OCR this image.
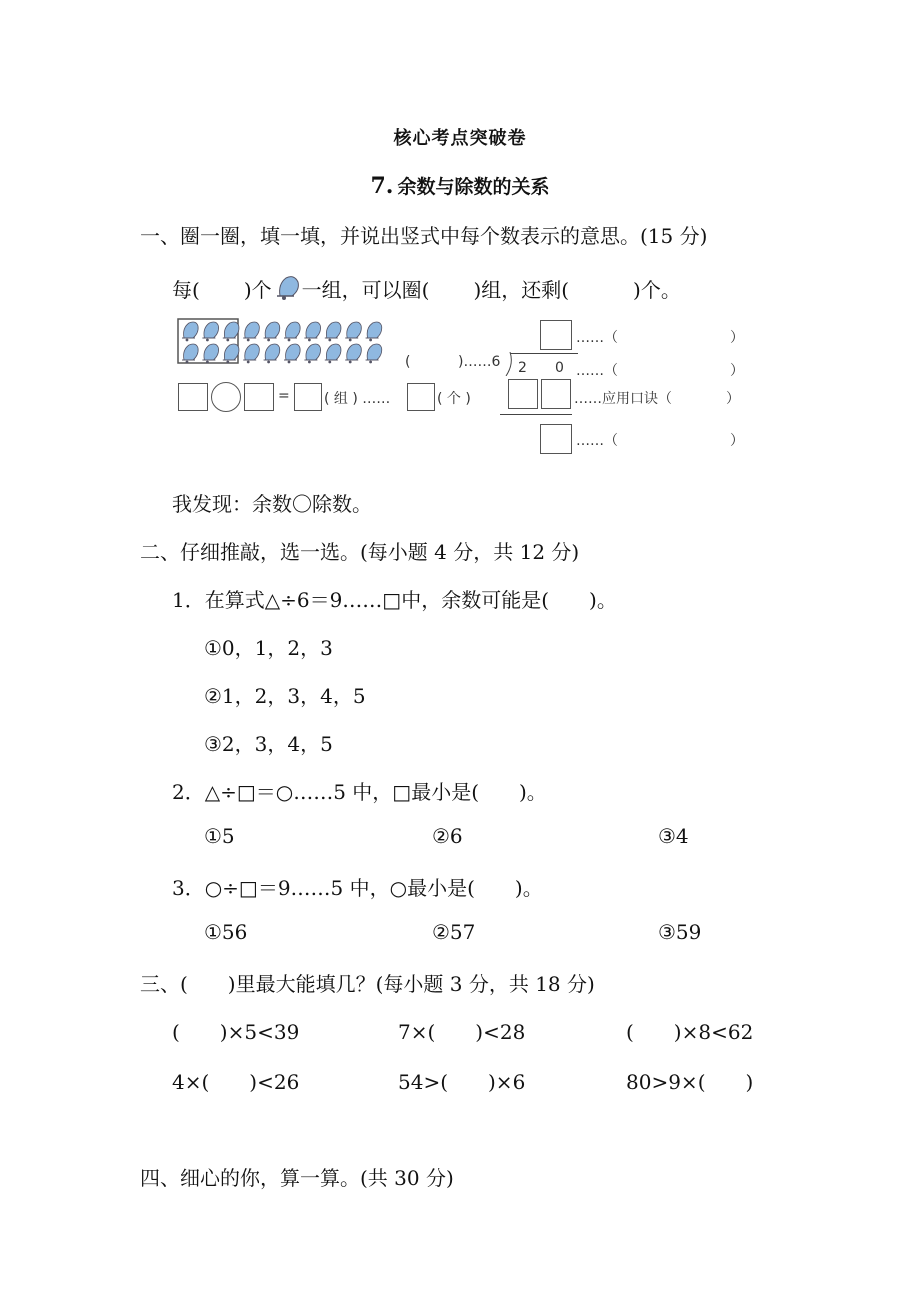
核心考点突破卷
7. 余数与除数的关系
一、圈一圈，填一填，并说出竖式中每个数表示的意思。(15 分)
每( )个 一组，可以圈( )组，还剩(	)个。
= ( 组 ) ……	( 个 )
(	)……6
……（	）
2 0 ……（	）
……应用口诀（	）
……（	）
我发现：余数〇除数。
二、仔细推敲，选一选。(每小题 4 分，共 12 分)
1．在算式△÷6＝9……□中，余数可能是(　　)。
①0，1，2，3
②1，2，3，4，5
③2，3，4，5
2．△÷□＝○……5 中，□最小是(　　)。
①5	②6	③4
3．○÷□＝9……5 中，○最小是(　　)。
①56	②57	③59
三、(　　)里最大能填几？(每小题 3 分，共 18 分)
(　　)×5<39	7×(　　)<28	(　　)×8<62
4×(　　)<26	54>(　　)×6	80>9×(　　)
四、细心的你，算一算。(共 30 分)
